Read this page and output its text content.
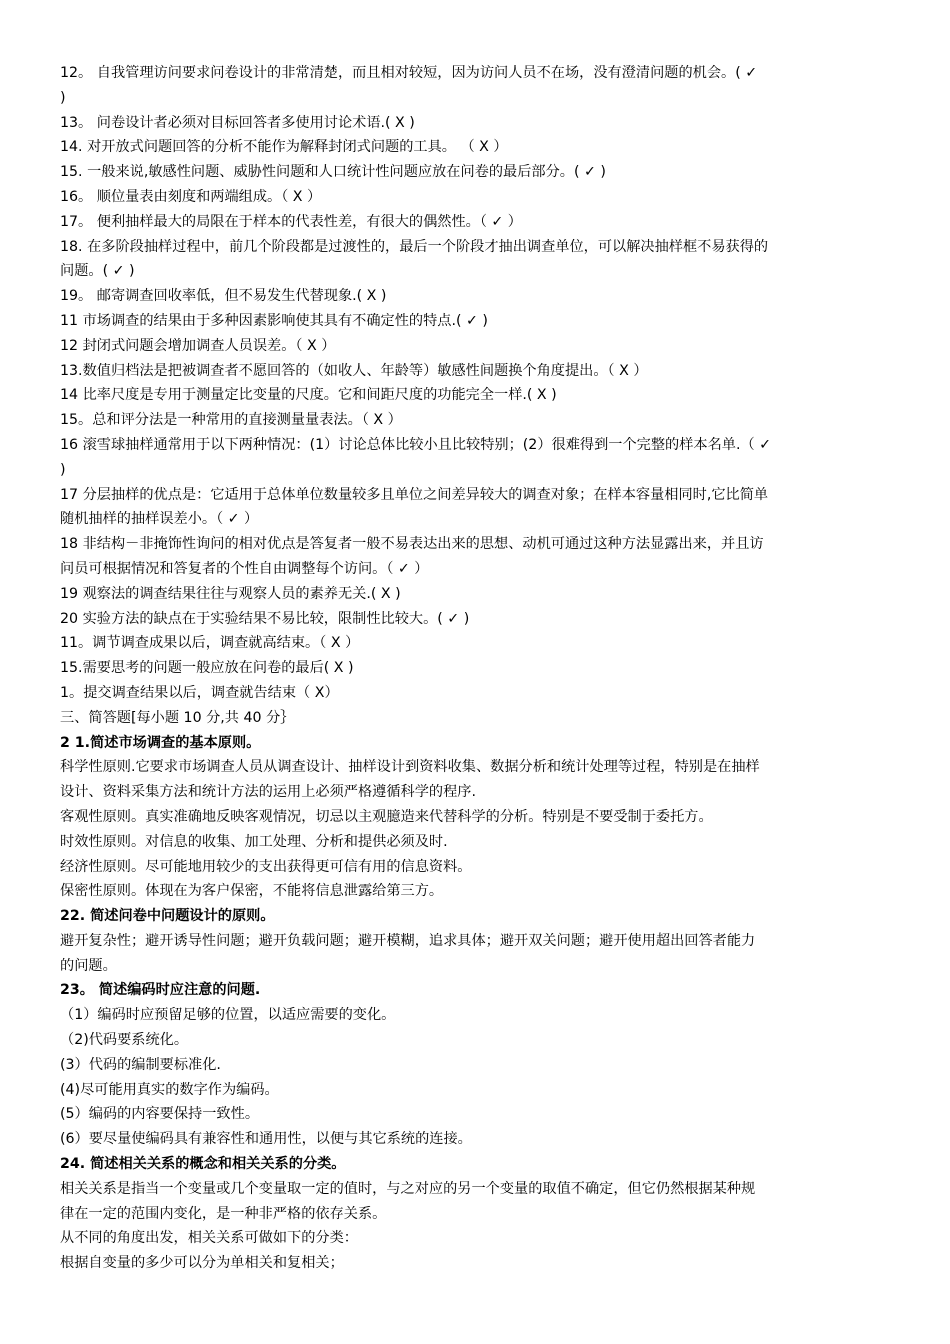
12。 自我管理访问要求问卷设计的非常清楚，而且相对较短，因为访问人员不在场，没有澄清问题的机会。( ✓
)
13。 问卷设计者必须对目标回答者多使用讨论术语.( X )
14. 对开放式问题回答的分析不能作为解释封闭式问题的工具。 （ X ）
15. 一般来说,敏感性问题、威胁性问题和人口统计性问题应放在问卷的最后部分。( ✓ )
16。 顺位量表由刻度和两端组成。（ X ）
17。 便利抽样最大的局限在于样本的代表性差，有很大的偶然性。（ ✓ ）
18. 在多阶段抽样过程中，前几个阶段都是过渡性的，最后一个阶段才抽出调查单位，可以解决抽样框不易获得的
问题。( ✓ )
19。 邮寄调查回收率低，但不易发生代替现象.( X )
11 市场调查的结果由于多种因素影响使其具有不确定性的特点.( ✓ )
12 封闭式问题会增加调查人员误差。（ X ）
13.数值归档法是把被调查者不愿回答的（如收人、年龄等）敏感性间题换个角度提出。（ X ）
14 比率尺度是专用于测量定比变量的尺度。它和间距尺度的功能完全一样.( X )
15。总和评分法是一种常用的直接测量量表法。（ X ）
16 滚雪球抽样通常用于以下两种情况：(1）讨论总体比较小且比较特别；(2）很难得到一个完整的样本名单.（ ✓
)
17 分层抽样的优点是：它适用于总体单位数量较多且单位之间差异较大的调查对象；在样本容量相同时,它比简单
随机抽样的抽样误差小。（ ✓ ）
18 非结构－非掩饰性询问的相对优点是答复者一般不易表达出来的思想、动机可通过这种方法显露出来，并且访
问员可根据情况和答复者的个性自由调整每个访问。（ ✓ ）
19 观察法的调查结果往往与观察人员的素养无关.( X )
20 实验方法的缺点在于实验结果不易比较，限制性比较大。( ✓ )
11。调节调查成果以后，调查就高结束。（ X ）
15.需要思考的问题一般应放在问卷的最后( X )
1。提交调查结果以后，调查就告结束（ X）
三、简答题[每小题 10 分,共 40 分｝
2 1.简述市场调查的基本原则。
科学性原则.它要求市场调查人员从调查设计、抽样设计到资料收集、数据分析和统计处理等过程，特别是在抽样
设计、资料采集方法和统计方法的运用上必须严格遵循科学的程序.
客观性原则。真实准确地反映客观情况，切忌以主观臆造来代替科学的分析。特别是不要受制于委托方。
时效性原则。对信息的收集、加工处理、分析和提供必须及时.
经济性原则。尽可能地用较少的支出获得更可信有用的信息资料。
保密性原则。体现在为客户保密，不能将信息泄露给第三方。
22. 简述问卷中问题设计的原则。
避开复杂性；避开诱导性问题；避开负载问题；避开模糊，追求具体；避开双关问题；避开使用超出回答者能力
的问题。
23。 简述编码时应注意的问题.
（1）编码时应预留足够的位置，以适应需要的变化。
（2)代码要系统化。
(3）代码的编制要标准化.
(4)尽可能用真实的数字作为编码。
(5）编码的内容要保持一致性。
(6）要尽量使编码具有兼容性和通用性，以便与其它系统的连接。
24. 简述相关关系的概念和相关关系的分类。
相关关系是指当一个变量或几个变量取一定的值时，与之对应的另一个变量的取值不确定，但它仍然根据某种规
律在一定的范围内变化，是一种非严格的依存关系。
从不同的角度出发，相关关系可做如下的分类：
根据自变量的多少可以分为单相关和复相关；
